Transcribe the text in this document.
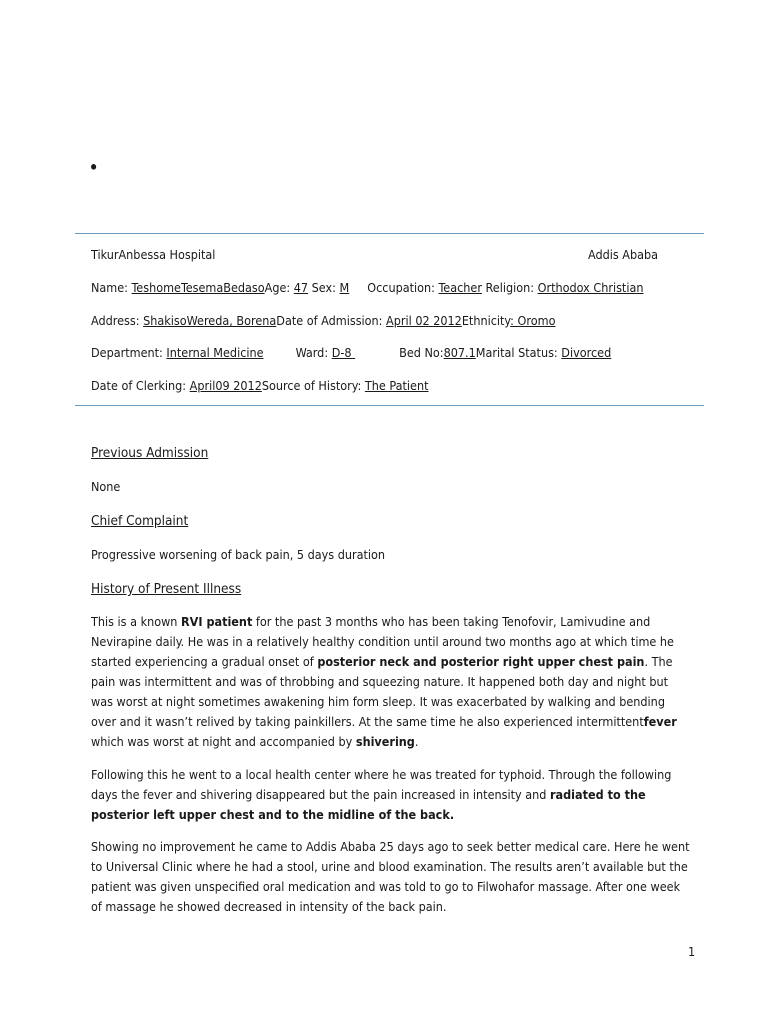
•
TikurAnbessa Hospital	Addis Ababa
Name: TeshomeTesemaBedasoAge: 47 Sex: M Occupation: Teacher Religion: Orthodox Christian
Address: ShakisoWereda, BorenaDate of Admission: April 02 2012Ethnicity: Oromo
Department: Internal Medicine	Ward: D-8	Bed No:807.1Marital Status: Divorced
Date of Clerking: April09 2012Source of History: The Patient
Previous Admission
None
Chief Complaint
Progressive worsening of back pain, 5 days duration
History of Present Illness

This is a known RVI patient for the past 3 months who has been taking Tenofovir, Lamivudine and Nevirapine daily. He was in a relatively healthy condition until around two months ago at which time he started experiencing a gradual onset of posterior neck and posterior right upper chest pain. The pain was intermittent and was of throbbing and squeezing nature. It happened both day and night but was worst at night sometimes awakening him form sleep. It was exacerbated by walking and bending over and it wasn’t relived by taking painkillers. At the same time he also experienced intermittentfever which was worst at night and accompanied by shivering.

Following this he went to a local health center where he was treated for typhoid. Through the following days the fever and shivering disappeared but the pain increased in intensity and radiated to the posterior left upper chest and to the midline of the back.

Showing no improvement he came to Addis Ababa 25 days ago to seek better medical care. Here he went to Universal Clinic where he had a stool, urine and blood examination. The results aren’t available but the patient was given unspecified oral medication and was told to go to Filwohafor massage. After one week of massage he showed decreased in intensity of the back pain.

1
